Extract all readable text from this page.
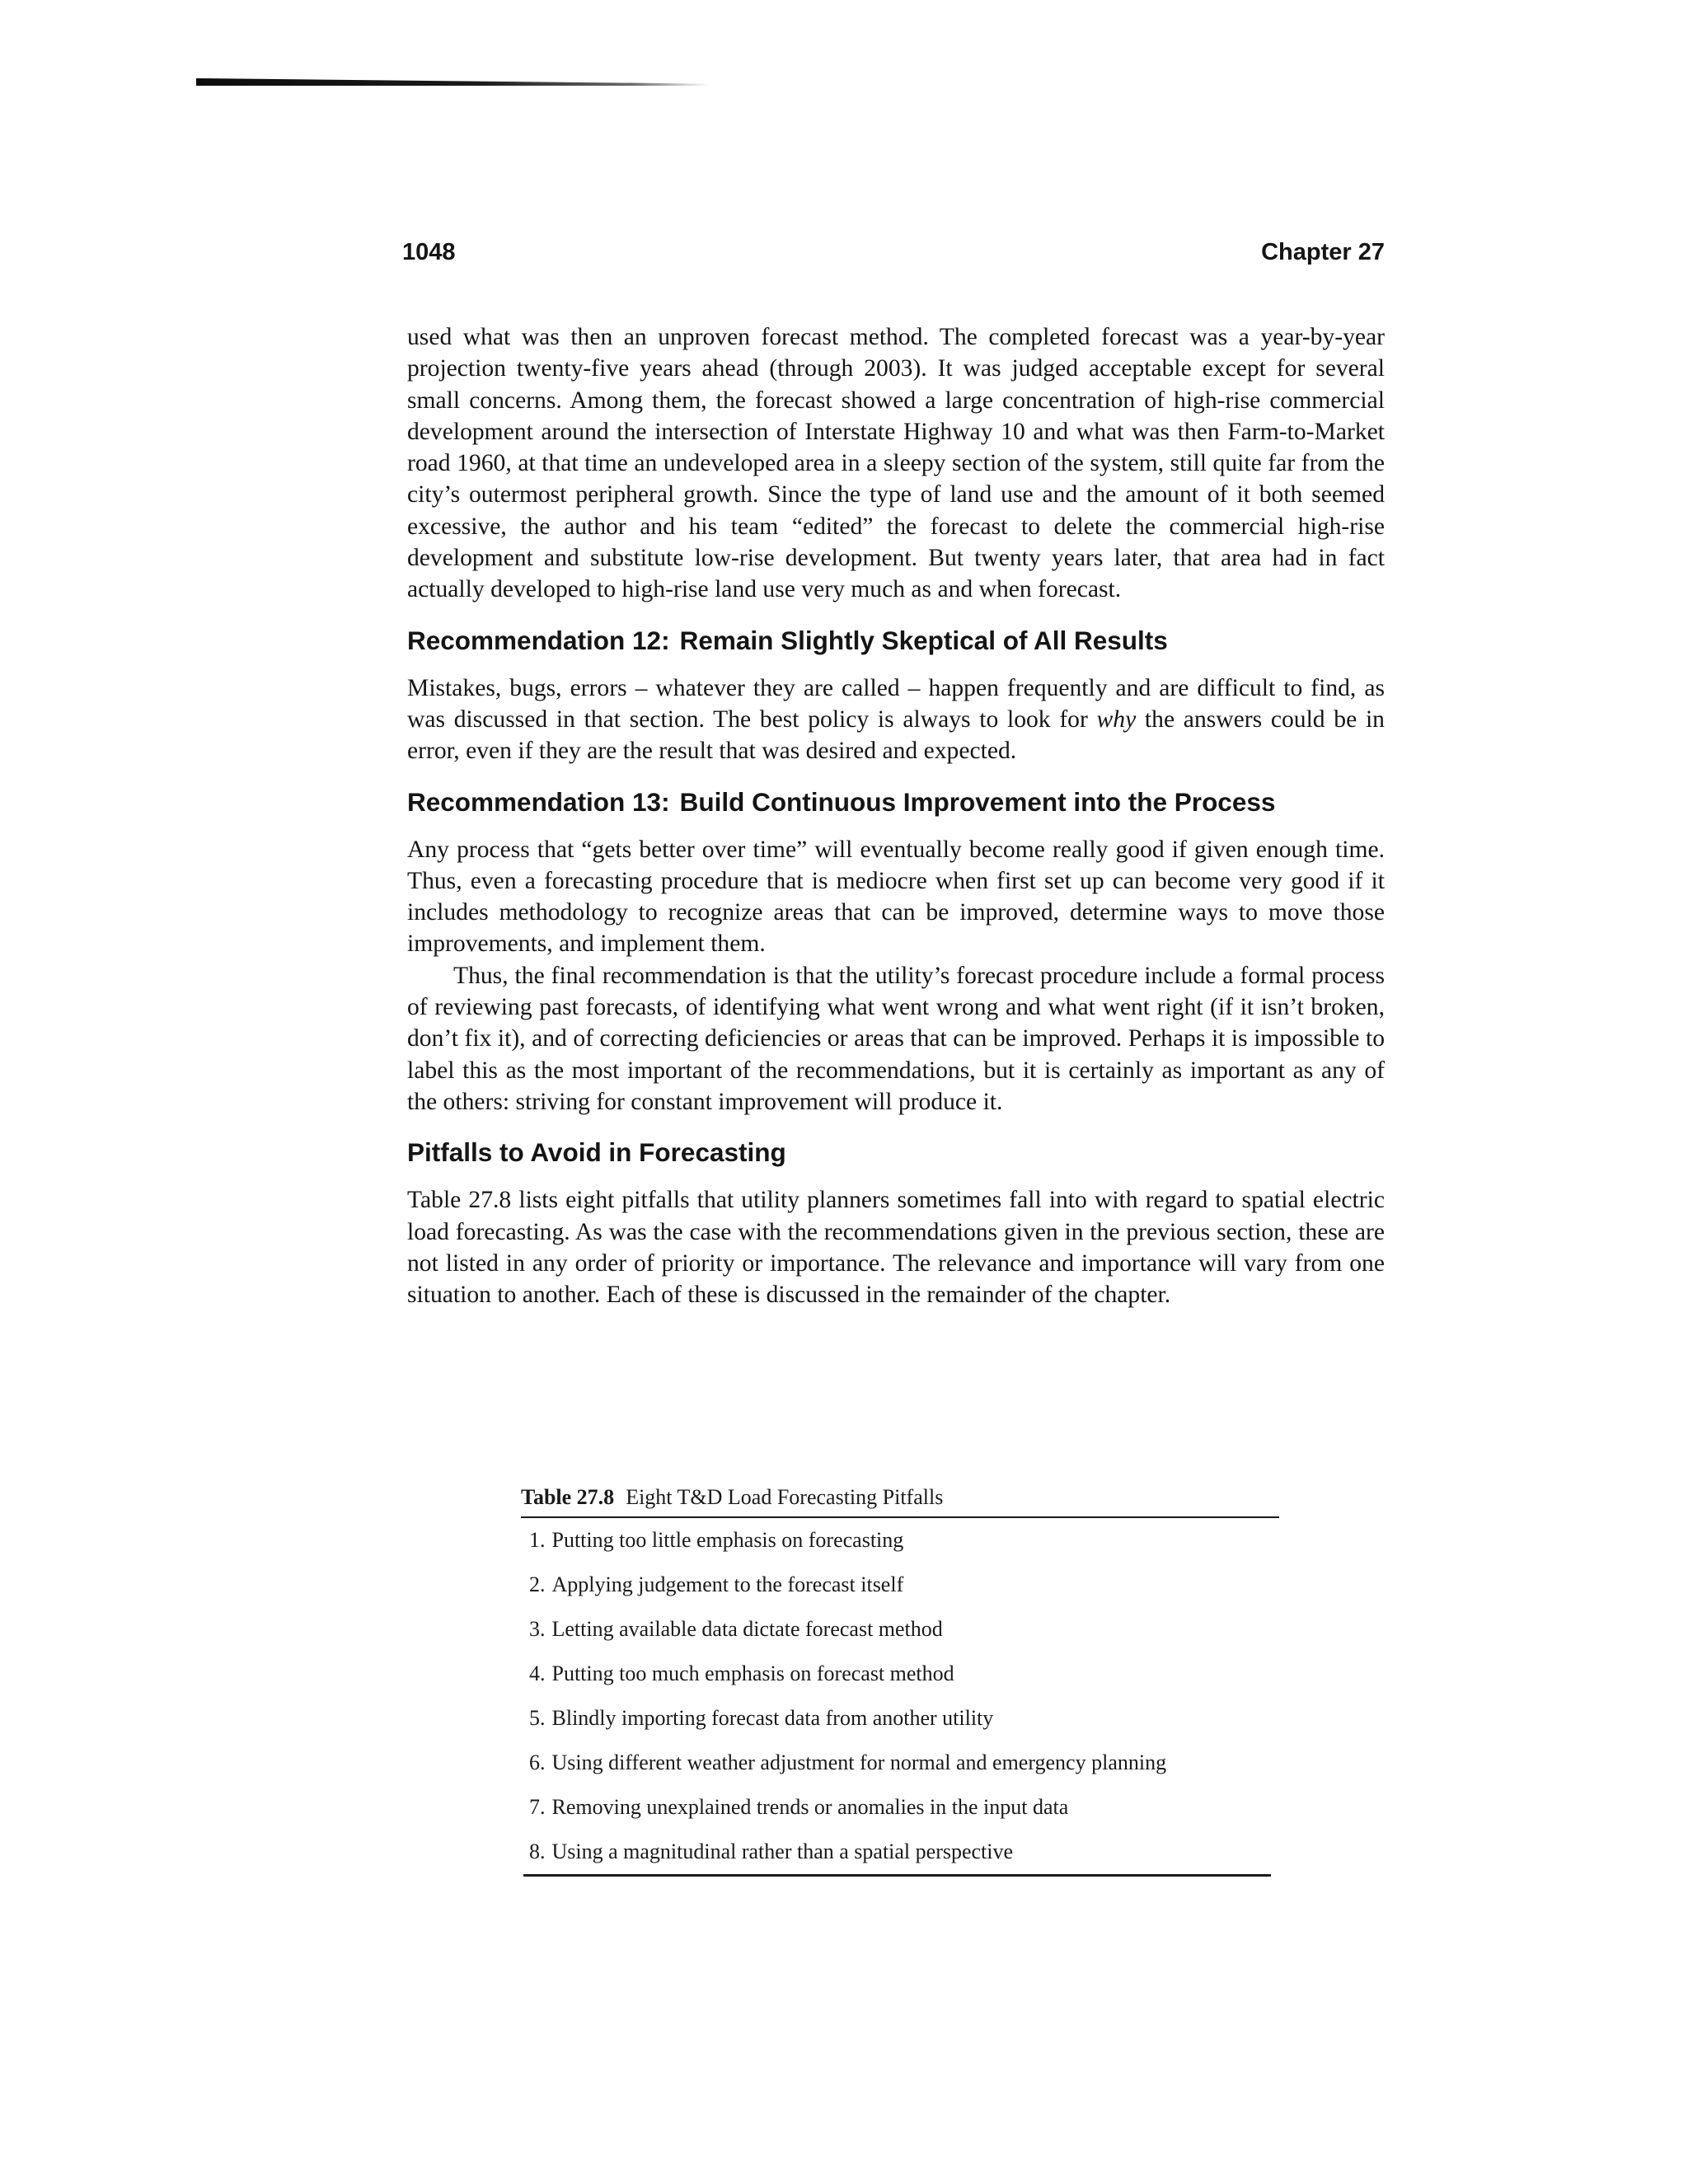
1048	Chapter 27

used what was then an unproven forecast method. The completed forecast was a year-by-year projection twenty-five years ahead (through 2003). It was judged acceptable except for several small concerns. Among them, the forecast showed a large concentration of high-rise commercial development around the intersection of Interstate Highway 10 and what was then Farm-to-Market road 1960, at that time an undeveloped area in a sleepy section of the system, still quite far from the city’s outermost peripheral growth. Since the type of land use and the amount of it both seemed excessive, the author and his team “edited” the forecast to delete the commercial high-rise development and substitute low-rise development. But twenty years later, that area had in fact actually developed to high-rise land use very much as and when forecast.

Recommendation 12: Remain Slightly Skeptical of All Results

Mistakes, bugs, errors – whatever they are called – happen frequently and are difficult to find, as was discussed in that section. The best policy is always to look for why the answers could be in error, even if they are the result that was desired and expected.

Recommendation 13: Build Continuous Improvement into the Process

Any process that “gets better over time” will eventually become really good if given enough time. Thus, even a forecasting procedure that is mediocre when first set up can become very good if it includes methodology to recognize areas that can be improved, determine ways to move those improvements, and implement them.

Thus, the final recommendation is that the utility’s forecast procedure include a formal process of reviewing past forecasts, of identifying what went wrong and what went right (if it isn’t broken, don’t fix it), and of correcting deficiencies or areas that can be improved. Perhaps it is impossible to label this as the most important of the recommendations, but it is certainly as important as any of the others: striving for constant improvement will produce it.

Pitfalls to Avoid in Forecasting

Table 27.8 lists eight pitfalls that utility planners sometimes fall into with regard to spatial electric load forecasting. As was the case with the recommendations given in the previous section, these are not listed in any order of priority or importance. The relevance and importance will vary from one situation to another. Each of these is discussed in the remainder of the chapter.

Table 27.8 Eight T&D Load Forecasting Pitfalls
1. Putting too little emphasis on forecasting
2. Applying judgement to the forecast itself
3. Letting available data dictate forecast method
4. Putting too much emphasis on forecast method
5. Blindly importing forecast data from another utility
6. Using different weather adjustment for normal and emergency planning
7. Removing unexplained trends or anomalies in the input data
8. Using a magnitudinal rather than a spatial perspective
